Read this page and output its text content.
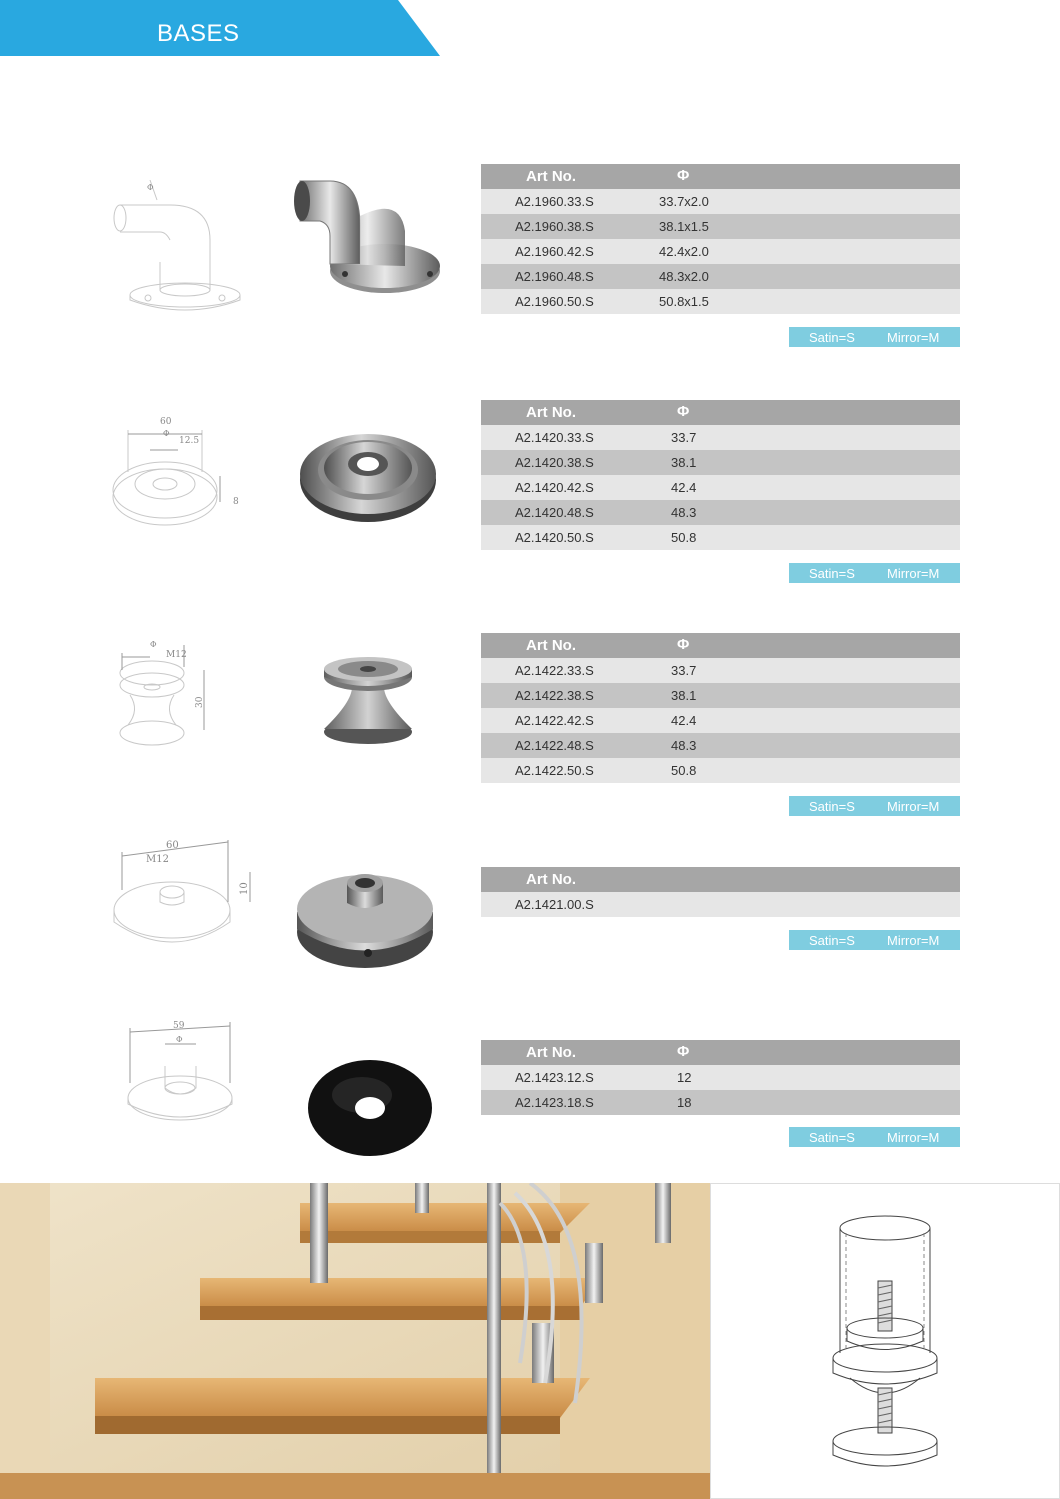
BASES
Φ
Art No.	Φ
A2.1960.33.S	33.7x2.0
A2.1960.38.S	38.1x1.5
A2.1960.42.S	42.4x2.0
A2.1960.48.S	48.3x2.0
A2.1960.50.S	50.8x1.5
Satin=S Mirror=M
60
Φ
12.5
8
Art No.	Φ
A2.1420.33.S	33.7
A2.1420.38.S	38.1
A2.1420.42.S	42.4
A2.1420.48.S	48.3
A2.1420.50.S	50.8
Satin=S Mirror=M
Φ
M12
30
Art No.	Φ
A2.1422.33.S	33.7
A2.1422.38.S	38.1
A2.1422.42.S	42.4
A2.1422.48.S	48.3
A2.1422.50.S	50.8
Satin=S Mirror=M
60
M12
10
Art No.
A2.1421.00.S
Satin=S Mirror=M
59
Φ
Art No.	Φ
A2.1423.12.S	12
A2.1423.18.S	18
Satin=S Mirror=M
